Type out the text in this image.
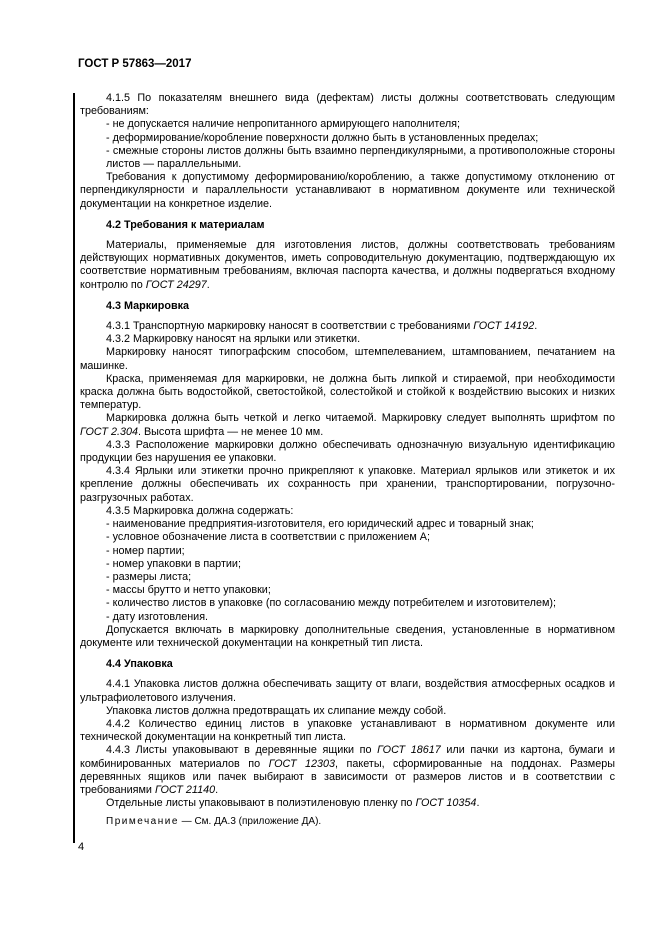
ГОСТ Р 57863—2017

4.1.5 По показателям внешнего вида (дефектам) листы должны соответствовать следующим требованиям:

- не допускается наличие непропитанного армирующего наполнителя;

- деформирование/коробление поверхности должно быть в установленных пределах;

- смежные стороны листов должны быть взаимно перпендикулярными, а противоположные стороны листов — параллельными.

Требования к допустимому деформированию/короблению, а также допустимому отклонению от перпендикулярности и параллельности устанавливают в нормативном документе или технической документации на конкретное изделие.

4.2 Требования к материалам

Материалы, применяемые для изготовления листов, должны соответствовать требованиям действующих нормативных документов, иметь сопроводительную документацию, подтверждающую их соответствие нормативным требованиям, включая паспорта качества, и должны подвергаться входному контролю по ГОСТ 24297.

4.3 Маркировка

4.3.1 Транспортную маркировку наносят в соответствии с требованиями ГОСТ 14192.

4.3.2 Маркировку наносят на ярлыки или этикетки.

Маркировку наносят типографским способом, штемпелеванием, штампованием, печатанием на машинке.

Краска, применяемая для маркировки, не должна быть липкой и стираемой, при необходимости краска должна быть водостойкой, светостойкой, солестойкой и стойкой к воздействию высоких и низких температур.

Маркировка должна быть четкой и легко читаемой. Маркировку следует выполнять шрифтом по ГОСТ 2.304. Высота шрифта — не менее 10 мм.

4.3.3 Расположение маркировки должно обеспечивать однозначную визуальную идентификацию продукции без нарушения ее упаковки.

4.3.4 Ярлыки или этикетки прочно прикрепляют к упаковке. Материал ярлыков или этикеток и их крепление должны обеспечивать их сохранность при хранении, транспортировании, погрузочно-разгрузочных работах.

4.3.5 Маркировка должна содержать:

- наименование предприятия-изготовителя, его юридический адрес и товарный знак;

- условное обозначение листа в соответствии с приложением А;

- номер партии;

- номер упаковки в партии;

- размеры листа;

- массы брутто и нетто упаковки;

- количество листов в упаковке (по согласованию между потребителем и изготовителем);

- дату изготовления.

Допускается включать в маркировку дополнительные сведения, установленные в нормативном документе или технической документации на конкретный тип листа.

4.4 Упаковка

4.4.1 Упаковка листов должна обеспечивать защиту от влаги, воздействия атмосферных осадков и ультрафиолетового излучения.

Упаковка листов должна предотвращать их слипание между собой.

4.4.2 Количество единиц листов в упаковке устанавливают в нормативном документе или технической документации на конкретный тип листа.

4.4.3 Листы упаковывают в деревянные ящики по ГОСТ 18617 или пачки из картона, бумаги и комбинированных материалов по ГОСТ 12303, пакеты, сформированные на поддонах. Размеры деревянных ящиков или пачек выбирают в зависимости от размеров листов и в соответствии с требованиями ГОСТ 21140.

Отдельные листы упаковывают в полиэтиленовую пленку по ГОСТ 10354.

Примечание — См. ДА.3 (приложение ДА).

4
